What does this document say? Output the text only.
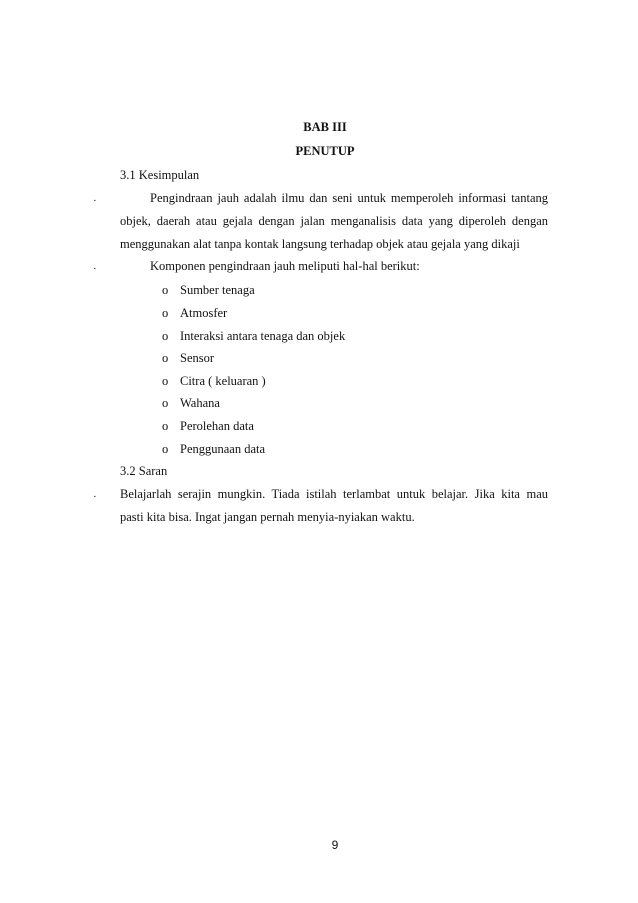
BAB III
PENUTUP
3.1 Kesimpulan
·	Pengindraan jauh adalah ilmu dan seni untuk memperoleh informasi tantang
objek, daerah atau gejala dengan jalan menganalisis data yang diperoleh dengan
menggunakan alat tanpa kontak langsung terhadap objek atau gejala yang dikaji
·	Komponen pengindraan jauh meliputi hal-hal berikut:
o Sumber tenaga
o Atmosfer
o Interaksi antara tenaga dan objek
o Sensor
o Citra ( keluaran )
o Wahana
o Perolehan data
o Penggunaan data
3.2 Saran
· Belajarlah serajin mungkin. Tiada istilah terlambat untuk belajar. Jika kita mau
pasti kita bisa. Ingat jangan pernah menyia-nyiakan waktu.
9
